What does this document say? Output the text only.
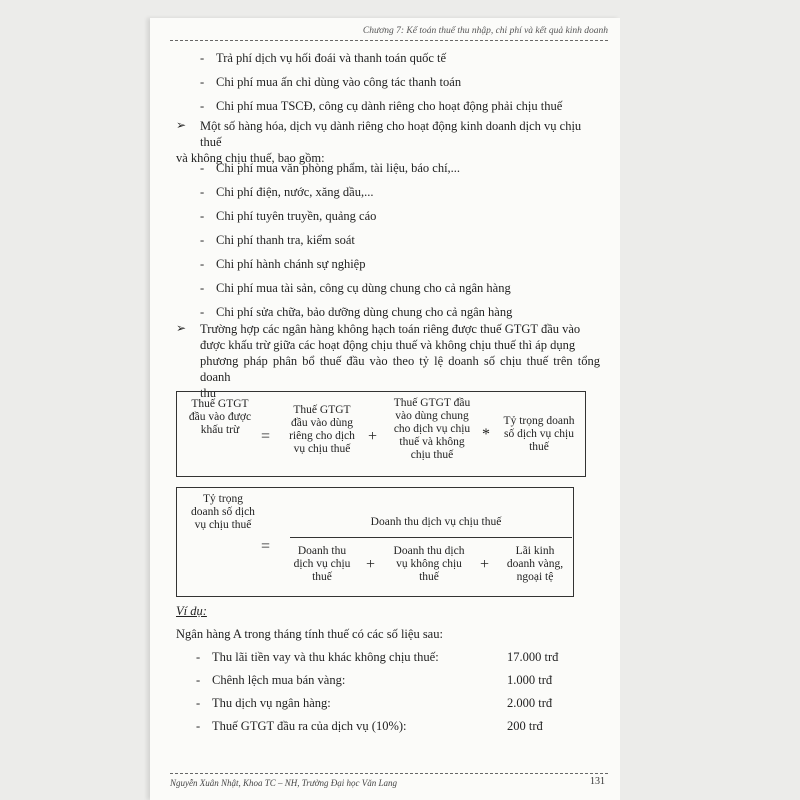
Chương 7: Kế toán thuế thu nhập, chi phí và kết quả kinh doanh
- Trả phí dịch vụ hối đoái và thanh toán quốc tế
- Chi phí mua ấn chỉ dùng vào công tác thanh toán
- Chi phí mua TSCĐ, công cụ dành riêng cho hoạt động phải chịu thuế
➢ Một số hàng hóa, dịch vụ dành riêng cho hoạt động kinh doanh dịch vụ chịu thuế
và không chịu thuế, bao gồm:
- Chi phí mua văn phòng phẩm, tài liệu, báo chí,...
- Chi phí điện, nước, xăng dầu,...
- Chi phí tuyên truyền, quảng cáo
- Chi phí thanh tra, kiểm soát
- Chi phí hành chánh sự nghiệp
- Chi phí mua tài sản, công cụ dùng chung cho cả ngân hàng
- Chi phí sửa chữa, bảo dưỡng dùng chung cho cả ngân hàng
➢ Trường hợp các ngân hàng không hạch toán riêng được thuế GTGT đầu vào
được khấu trừ giữa các hoạt động chịu thuế và không chịu thuế thì áp dụng
phương pháp phân bổ thuế đầu vào theo tỷ lệ doanh số chịu thuế trên tổng doanh
thu
Thuế GTGT
đầu vào được
khấu trừ	=
Thuế GTGT
đầu vào dùng
riêng cho dịch
vụ chịu thuế
+
Thuế GTGT đầu
vào dùng chung
cho dịch vụ chịu
thuế và không
chịu thuế
*
Tỷ trọng doanh
số dịch vụ chịu
thuế
Tỷ trọng
doanh số dịch
vụ chịu thuế
=
Doanh thu dịch vụ chịu thuế
Doanh thu
dịch vụ chịu
thuế
+
Doanh thu dịch
vụ không chịu
thuế
+
Lãi kinh
doanh vàng,
ngoại tệ
Ví dụ:
Ngân hàng A trong tháng tính thuế có các số liệu sau:
- Thu lãi tiền vay và thu khác không chịu thuế:	17.000 trđ
- Chênh lệch mua bán vàng:	1.000 trđ
- Thu dịch vụ ngân hàng:	2.000 trđ
- Thuế GTGT đầu ra của dịch vụ (10%):	200 trđ
Nguyễn Xuân Nhật, Khoa TC – NH, Trường Đại học Văn Lang	131
